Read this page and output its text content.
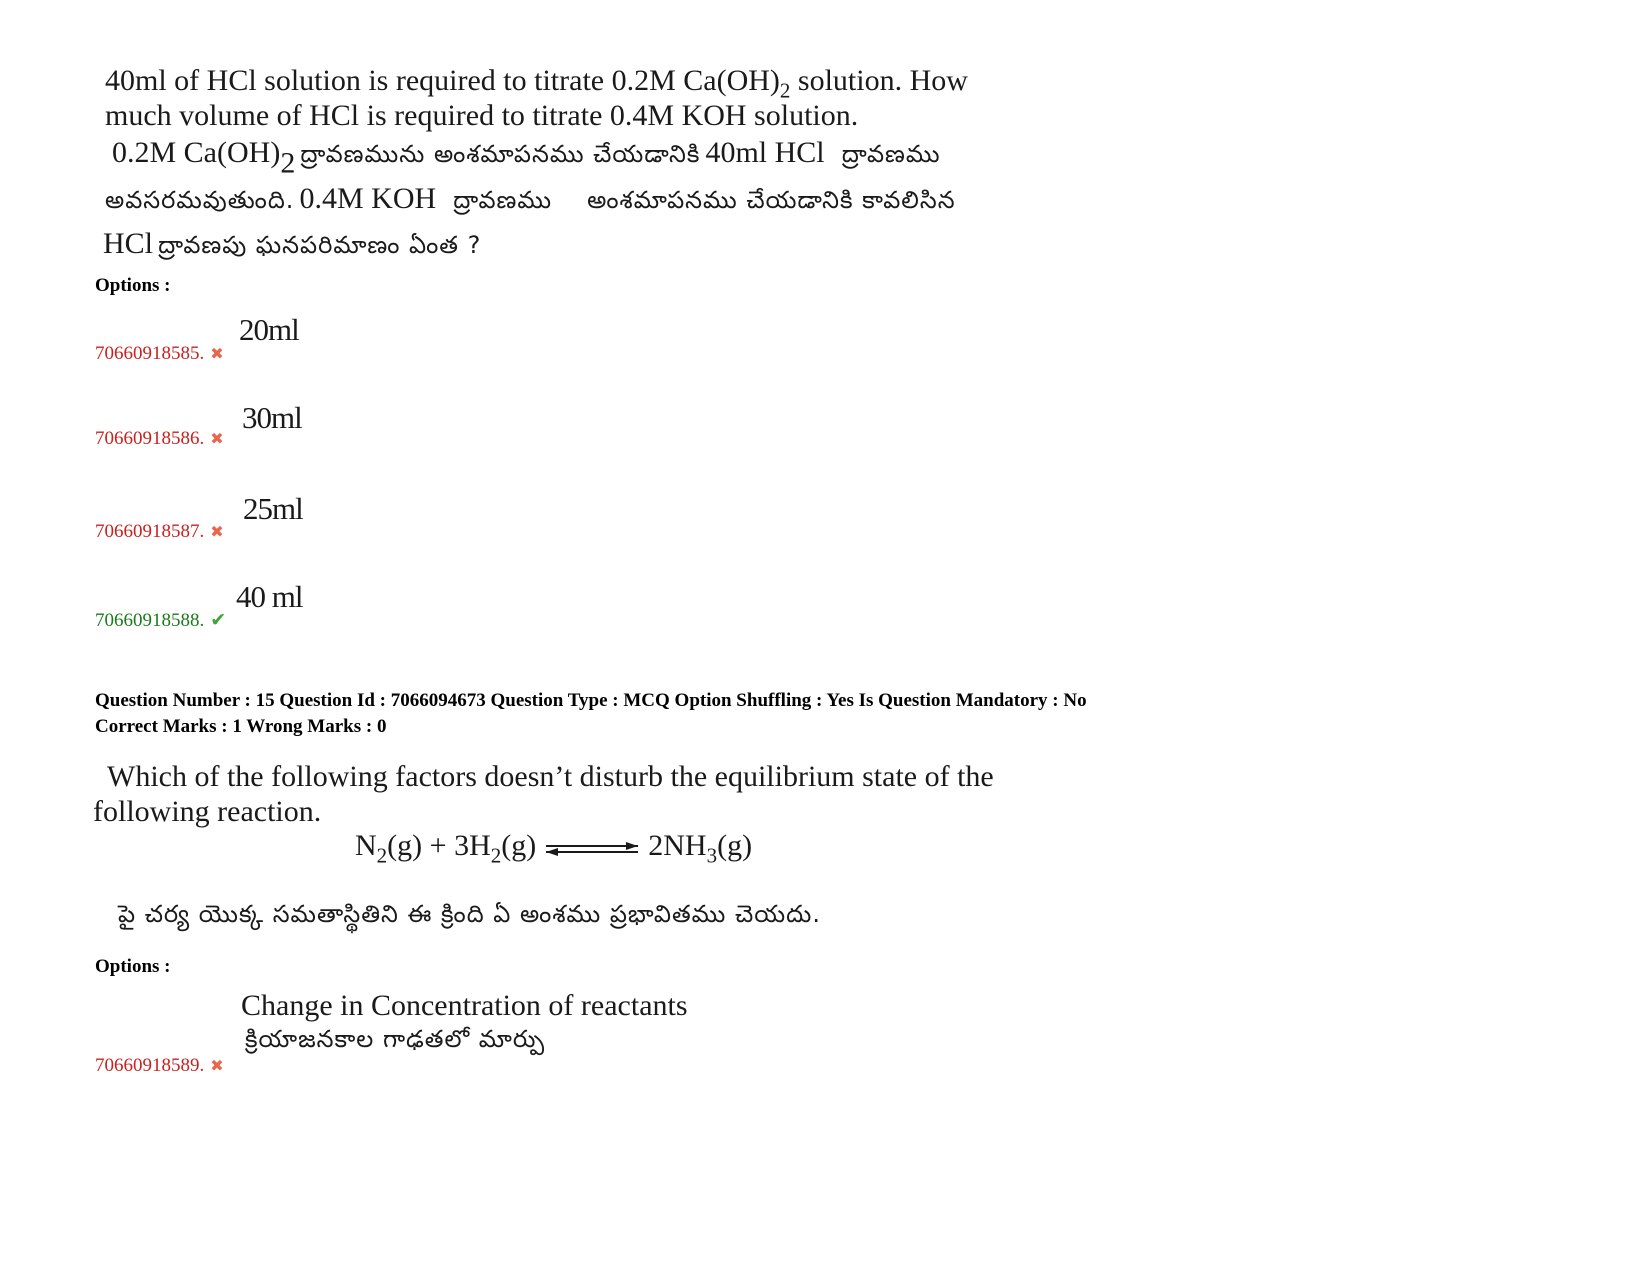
40ml of HCl solution is required to titrate 0.2M $Ca(OH)_2$ solution. How
much volume of HCl is required to titrate 0.4M KOH solution.
0.2M $Ca(OH)_2$ ద్రావణమును అంశమాపనము చేయడానికి 40ml HCl ద్రావణము
అవసరమవుతుంది. 0.4M KOH ద్రావణము అంశమాపనము చేయడానికి కావలిసిన
HCl ద్రావణపు ఘనపరిమాణం ఏంత ?
Options :
20ml
70660918585. ✖
30ml
70660918586. ✖
25ml
70660918587. ✖
40 ml
70660918588. ✔
Question Number : 15 Question Id : 7066094673 Question Type : MCQ Option Shuffling : Yes Is Question Mandatory : No
Correct Marks : 1 Wrong Marks : 0
Which of the following factors doesn’t disturb the equilibrium state of the
following reaction.
$N_2(g) + 3H_2(g)$ ⇌ $2NH_3(g)$
పై చర్య యొక్క సమతాస్థితిని ఈ క్రింది ఏ అంశము ప్రభావితము చెయదు.
Options :
Change in Concentration of reactants
క్రియాజనకాల గాఢతలో మార్పు
70660918589. ✖
